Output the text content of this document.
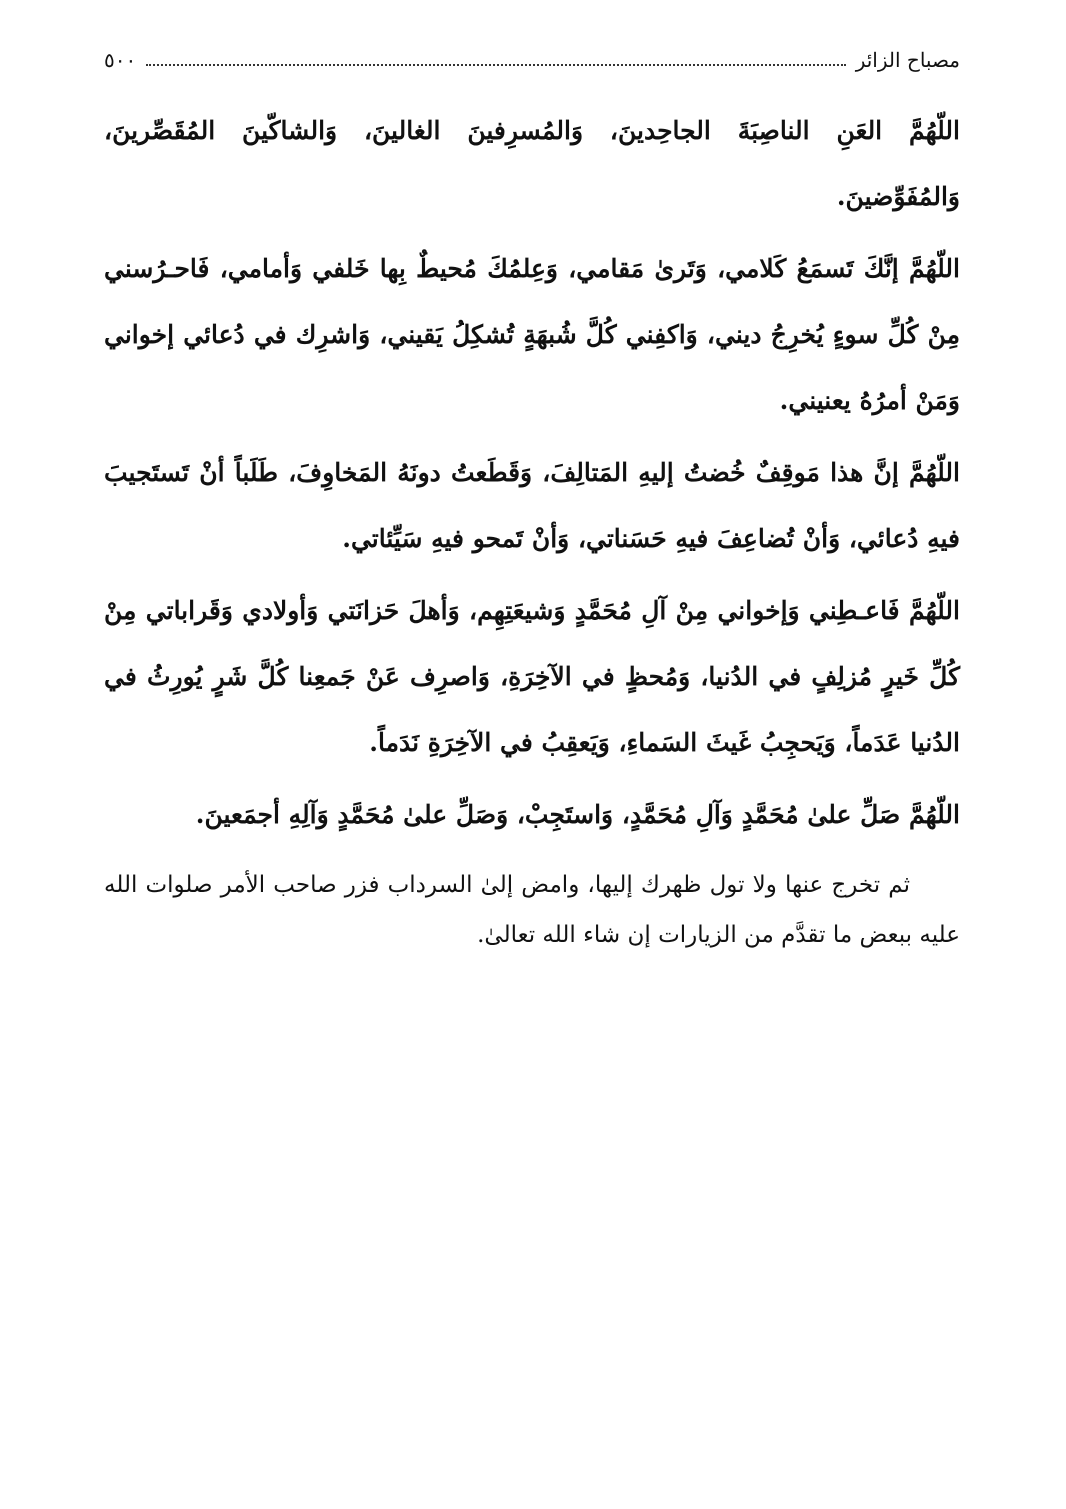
مصباح الزائر
٥٠٠

اللّهُمَّ العَنِ الناصِبَةَ الجاحِدينَ، وَالمُسرِفينَ الغالينَ، وَالشاكّينَ المُقَصِّرينَ، وَالمُفَوِّضينَ.

اللّهُمَّ إنَّكَ تَسمَعُ كَلامي، وَتَرىٰ مَقامي، وَعِلمُكَ مُحيطٌ بِها خَلفي وَأمامي، فَاحـرُسني مِنْ كُلِّ سوءٍ يُخرِجُ ديني، وَاكفِني كُلَّ شُبهَةٍ تُشكِلُ يَقيني، وَاشرِك في دُعائي إخواني وَمَنْ أمرُهُ يعنيني.

اللّهُمَّ إنَّ هذا مَوقِفٌ خُضتُ إليهِ المَتالِفَ، وَقَطَعتُ دونَهُ المَخاوِفَ، طَلَباً أنْ تَستَجيبَ فيهِ دُعائي، وَأنْ تُضاعِفَ فيهِ حَسَناتي، وَأنْ تَمحو فيهِ سَيِّئاتي.

اللّهُمَّ فَاعـطِني وَإخواني مِنْ آلِ مُحَمَّدٍ وَشيعَتِهِم، وَأهلَ حَزانَتي وَأولادي وَقَراباتي مِنْ كُلِّ خَيرٍ مُزلِفٍ في الدُنيا، وَمُحظٍ في الآخِرَةِ، وَاصرِف عَنْ جَمعِنا كُلَّ شَرٍ يُورِثُ في الدُنيا عَدَماً، وَيَحجِبُ غَيثَ السَماءِ، وَيَعقِبُ في الآخِرَةِ نَدَماً.

اللّهُمَّ صَلِّ علىٰ مُحَمَّدٍ وَآلِ مُحَمَّدٍ، وَاستَجِبْ، وَصَلِّ علىٰ مُحَمَّدٍ وَآلِهِ أجمَعينَ.

ثم تخرج عنها ولا تول ظهرك إليها، وامض إلىٰ السرداب فزر صاحب الأمر صلوات الله عليه ببعض ما تقدَّم من الزيارات إن شاء الله تعالىٰ.
